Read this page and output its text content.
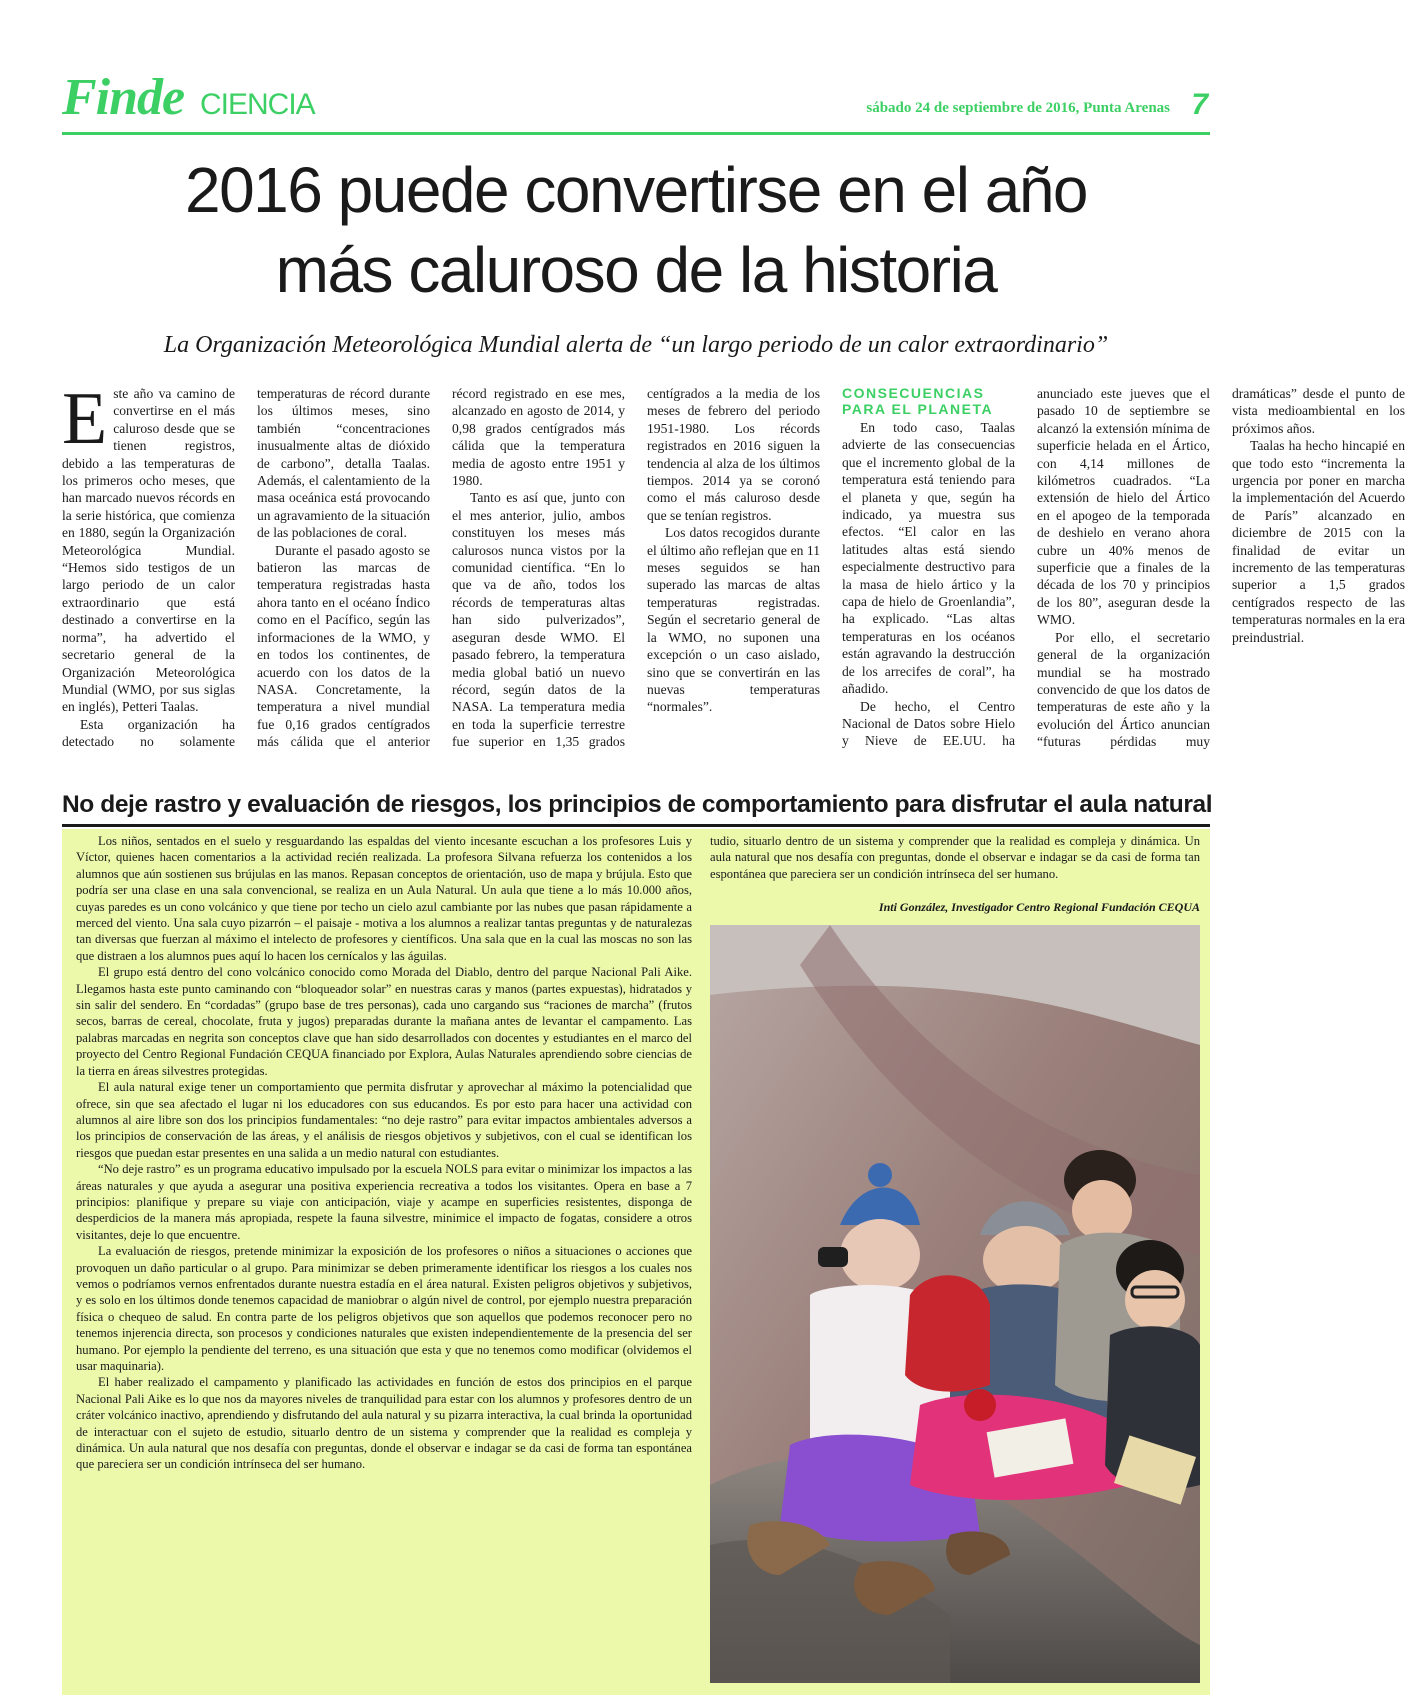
Finde CIENCIA	sábado 24 de septiembre de 2016, Punta Arenas 7
2016 puede convertirse en el año
más caluroso de la historia

La Organización Meteorológica Mundial alerta de “un largo periodo de un calor extraordinario”

Este año va camino de convertirse en el más caluroso desde que se tienen registros, debido a las temperaturas de los primeros ocho meses, que han marcado nuevos récords en la serie histórica, que comienza en 1880, según la Organización Meteorológica Mundial. “Hemos sido testigos de un largo periodo de un calor extraordinario que está destinado a convertirse en la norma”, ha advertido el secretario general de la Organización Meteorológica Mundial (WMO, por sus siglas en inglés), Petteri Taalas.

Esta organización ha detectado no solamente temperaturas de récord durante los últimos meses, sino también “concentraciones inusualmente altas de dióxido de carbono”, detalla Taalas. Además, el calentamiento de la masa oceánica está provocando un agravamiento de la situación de las poblaciones de coral.

Durante el pasado agosto se batieron las marcas de temperatura registradas hasta ahora tanto en el océano Índico como en el Pacífico, según las informaciones de la WMO, y en todos los continentes, de acuerdo con los datos de la NASA. Concretamente, la temperatura a nivel mundial fue 0,16 grados centígrados más cálida que el anterior récord registrado en ese mes, alcanzado en agosto de 2014, y 0,98 grados centígrados más cálida que la temperatura media de agosto entre 1951 y 1980.

Tanto es así que, junto con el mes anterior, julio, ambos constituyen los meses más calurosos nunca vistos por la comunidad científica. “En lo que va de año, todos los récords de temperaturas altas han sido pulverizados”, aseguran desde WMO. El pasado febrero, la temperatura media global batió un nuevo récord, según datos de la NASA. La temperatura media en toda la superficie terrestre fue superior en 1,35 grados centígrados a la media de los meses de febrero del periodo 1951-1980. Los récords registrados en 2016 siguen la tendencia al alza de los últimos tiempos. 2014 ya se coronó como el más caluroso desde que se tenían registros.

Los datos recogidos durante el último año reflejan que en 11 meses seguidos se han superado las marcas de altas temperaturas registradas. Según el secretario general de la WMO, no suponen una excepción o un caso aislado, sino que se convertirán en las nuevas temperaturas “normales”.

CONSECUENCIAS PARA EL PLANETA

En todo caso, Taalas advierte de las consecuencias que el incremento global de la temperatura está teniendo para el planeta y que, según ha indicado, ya muestra sus efectos. “El calor en las latitudes altas está siendo especialmente destructivo para la masa de hielo ártico y la capa de hielo de Groenlandia”, ha explicado. “Las altas temperaturas en los océanos están agravando la destrucción de los arrecifes de coral”, ha añadido.

De hecho, el Centro Nacional de Datos sobre Hielo y Nieve de EE.UU. ha anunciado este jueves que el pasado 10 de septiembre se alcanzó la extensión mínima de superficie helada en el Ártico, con 4,14 millones de kilómetros cuadrados. “La extensión de hielo del Ártico en el apogeo de la temporada de deshielo en verano ahora cubre un 40% menos de superficie que a finales de la década de los 70 y principios de los 80”, aseguran desde la WMO.

Por ello, el secretario general de la organización mundial se ha mostrado convencido de que los datos de temperaturas de este año y la evolución del Ártico anuncian “futuras pérdidas muy dramáticas” desde el punto de vista medioambiental en los próximos años.

Taalas ha hecho hincapié en que todo esto “incrementa la urgencia por poner en marcha la implementación del Acuerdo de París” alcanzado en diciembre de 2015 con la finalidad de evitar un incremento de las temperaturas superior a 1,5 grados centígrados respecto de las temperaturas normales en la era preindustrial.

No deje rastro y evaluación de riesgos, los principios de comportamiento para disfrutar el aula natural

Los niños, sentados en el suelo y resguardando las espaldas del viento incesante escuchan a los profesores Luis y Víctor, quienes hacen comentarios a la actividad recién realizada. La profesora Silvana refuerza los contenidos a los alumnos que aún sostienen sus brújulas en las manos. Repasan conceptos de orientación, uso de mapa y brújula. Esto que podría ser una clase en una sala convencional, se realiza en un Aula Natural. Un aula que tiene a lo más 10.000 años, cuyas paredes es un cono volcánico y que tiene por techo un cielo azul cambiante por las nubes que pasan rápidamente a merced del viento. Una sala cuyo pizarrón – el paisaje - motiva a los alumnos a realizar tantas preguntas y de naturalezas tan diversas que fuerzan al máximo el intelecto de profesores y científicos. Una sala que en la cual las moscas no son las que distraen a los alumnos pues aquí lo hacen los cernícalos y las águilas.

El grupo está dentro del cono volcánico conocido como Morada del Diablo, dentro del parque Nacional Pali Aike. Llegamos hasta este punto caminando con “bloqueador solar” en nuestras caras y manos (partes expuestas), hidratados y sin salir del sendero. En “cordadas” (grupo base de tres personas), cada uno cargando sus “raciones de marcha” (frutos secos, barras de cereal, chocolate, fruta y jugos) preparadas durante la mañana antes de levantar el campamento. Las palabras marcadas en negrita son conceptos clave que han sido desarrollados con docentes y estudiantes en el marco del proyecto del Centro Regional Fundación CEQUA financiado por Explora, Aulas Naturales aprendiendo sobre ciencias de la tierra en áreas silvestres protegidas.

El aula natural exige tener un comportamiento que permita disfrutar y aprovechar al máximo la potencialidad que ofrece, sin que sea afectado el lugar ni los educadores con sus educandos. Es por esto para hacer una actividad con alumnos al aire libre son dos los principios fundamentales: “no deje rastro” para evitar impactos ambientales adversos a los principios de conservación de las áreas, y el análisis de riesgos objetivos y subjetivos, con el cual se identifican los riesgos que puedan estar presentes en una salida a un medio natural con estudiantes.

“No deje rastro” es un programa educativo impulsado por la escuela NOLS para evitar o minimizar los impactos a las áreas naturales y que ayuda a asegurar una positiva experiencia recreativa a todos los visitantes. Opera en base a 7 principios: planifique y prepare su viaje con anticipación, viaje y acampe en superficies resistentes, disponga de desperdicios de la manera más apropiada, respete la fauna silvestre, minimice el impacto de fogatas, considere a otros visitantes, deje lo que encuentre.

La evaluación de riesgos, pretende minimizar la exposición de los profesores o niños a situaciones o acciones que provoquen un daño particular o al grupo. Para minimizar se deben primeramente identificar los riesgos a los cuales nos vemos o podríamos vernos enfrentados durante nuestra estadía en el área natural. Existen peligros objetivos y subjetivos, y es solo en los últimos donde tenemos capacidad de maniobrar o algún nivel de control, por ejemplo nuestra preparación física o chequeo de salud. En contra parte de los peligros objetivos que son aquellos que podemos reconocer pero no tenemos injerencia directa, son procesos y condiciones naturales que existen independientemente de la presencia del ser humano. Por ejemplo la pendiente del terreno, es una situación que esta y que no tenemos como modificar (olvidemos el usar maquinaria).

El haber realizado el campamento y planificado las actividades en función de estos dos principios en el parque Nacional Pali Aike es lo que nos da mayores niveles de tranquilidad para estar con los alumnos y profesores dentro de un cráter volcánico inactivo, aprendiendo y disfrutando del aula natural y su pizarra interactiva, la cual brinda la oportunidad de interactuar con el sujeto de estudio, situarlo dentro de un sistema y comprender que la realidad es compleja y dinámica. Un aula natural que nos desafía con preguntas, donde el observar e indagar se da casi de forma tan espontánea que pareciera ser un condición intrínseca del ser humano.

tudio, situarlo dentro de un sistema y comprender que la realidad es compleja y dinámica. Un aula natural que nos desafía con preguntas, donde el observar e indagar se da casi de forma tan espontánea que pareciera ser un condición intrínseca del ser humano.

Inti González, Investigador Centro Regional Fundación CEQUA
